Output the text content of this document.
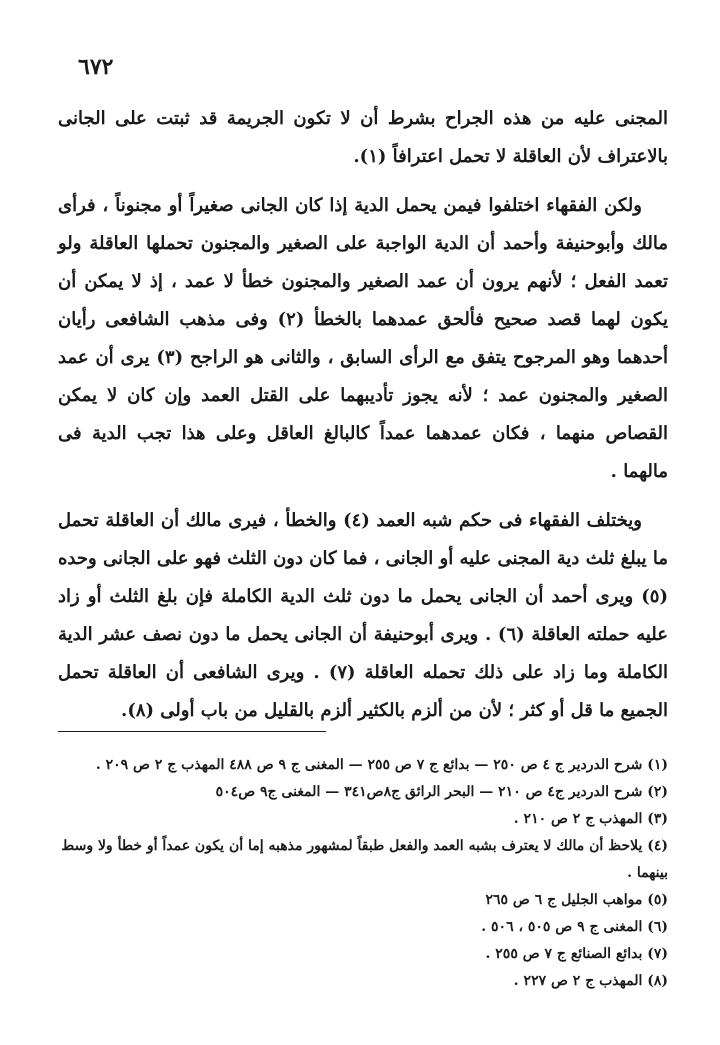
٦٧٢

المجنى عليه من هذه الجراح بشرط أن لا تكون الجريمة قد ثبتت على الجانى بالاعتراف لأن العاقلة لا تحمل اعترافاً (١).

ولكن الفقهاء اختلفوا فيمن يحمل الدية إذا كان الجانى صغيراً أو مجنوناً ، فرأى مالك وأبوحنيفة وأحمد أن الدية الواجبة على الصغير والمجنون تحملها العاقلة ولو تعمد الفعل ؛ لأنهم يرون أن عمد الصغير والمجنون خطأ لا عمد ، إذ لا يمكن أن يكون لهما قصد صحيح فألحق عمدهما بالخطأ (٢) وفى مذهب الشافعى رأيان أحدهما وهو المرجوح يتفق مع الرأى السابق ، والثانى هو الراجح (٣) يرى أن عمد الصغير والمجنون عمد ؛ لأنه يجوز تأديبهما على القتل العمد وإن كان لا يمكن القصاص منهما ، فكان عمدهما عمداً كالبالغ العاقل وعلى هذا تجب الدية فى مالهما .

ويختلف الفقهاء فى حكم شبه العمد (٤) والخطأ ، فيرى مالك أن العاقلة تحمل ما يبلغ ثلث دية المجنى عليه أو الجانى ، فما كان دون الثلث فهو على الجانى وحده (٥) ويرى أحمد أن الجانى يحمل ما دون ثلث الدية الكاملة فإن بلغ الثلث أو زاد عليه حملته العاقلة (٦) . ويرى أبوحنيفة أن الجانى يحمل ما دون نصف عشر الدية الكاملة وما زاد على ذلك تحمله العاقلة (٧) . ويرى الشافعى أن العاقلة تحمل الجميع ما قل أو كثر ؛ لأن من ألزم بالكثير ألزم بالقليل من باب أولى (٨).

(١) شرح الدردير ج ٤ ص ٢٥٠ — بدائع ج ٧ ص ٢٥٥ — المغنى ج ٩ ص ٤٨٨ المهذب ج ٢ ص ٢٠٩ .

(٢) شرح الدردير ج٤ ص ٢١٠ — البحر الرائق ج٨ص٣٤١ — المغنى ج٩ ص٥٠٤

(٣) المهذب ج ٢ ص ٢١٠ .

(٤) يلاحظ أن مالك لا يعترف بشبه العمد والفعل طبقاً لمشهور مذهبه إما أن يكون عمداً أو خطأ ولا وسط بينهما .

(٥) مواهب الجليل ج ٦ ص ٢٦٥

(٦) المغنى ج ٩ ص ٥٠٥ ، ٥٠٦ .

(٧) بدائع الصنائع ج ٧ ص ٢٥٥ .

(٨) المهذب ج ٢ ص ٢٢٧ .
